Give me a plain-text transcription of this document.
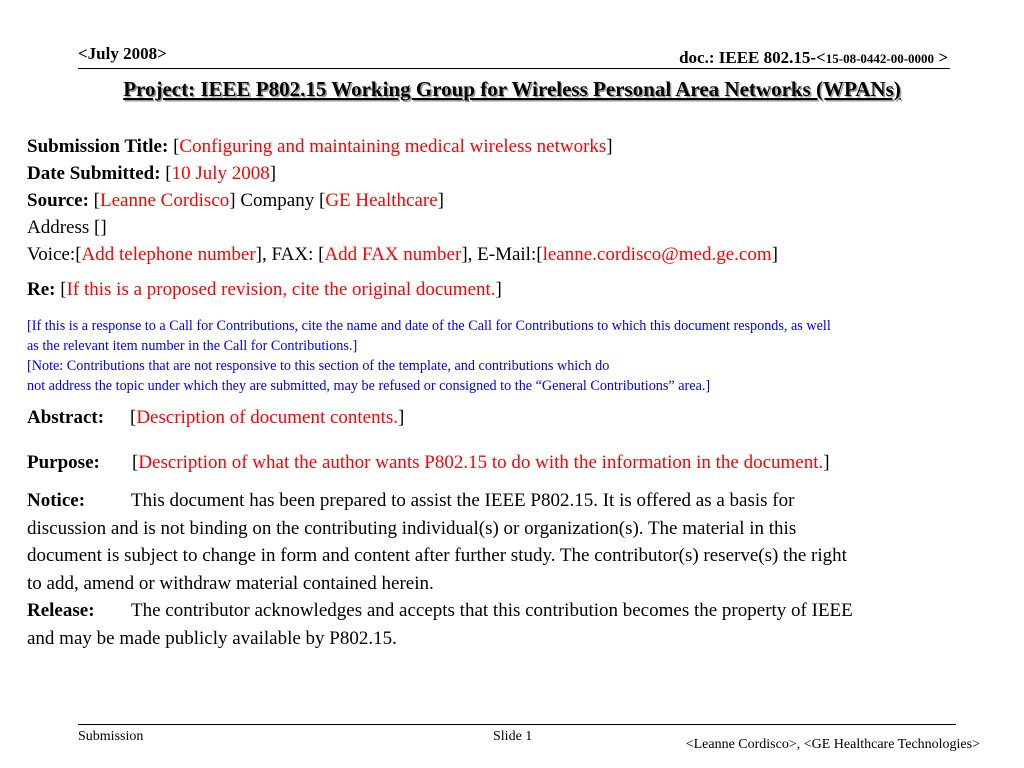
<July 2008>	doc.: IEEE 802.15-<15-08-0442-00-0000 >
Project: IEEE P802.15 Working Group for Wireless Personal Area Networks (WPANs)
Submission Title: [Configuring and maintaining medical wireless networks]
Date Submitted: [10 July 2008]
Source: [Leanne Cordisco] Company [GE Healthcare]
Address []
Voice:[Add telephone number], FAX: [Add FAX number], E-Mail:[leanne.cordisco@med.ge.com]
Re: [If this is a proposed revision, cite the original document.]
[If this is a response to a Call for Contributions, cite the name and date of the Call for Contributions to which this document responds, as well
as the relevant item number in the Call for Contributions.]
[Note: Contributions that are not responsive to this section of the template, and contributions which do
not address the topic under which they are submitted, may be refused or consigned to the “General Contributions” area.]
Abstract: [Description of document contents.]
Purpose: [Description of what the author wants P802.15 to do with the information in the document.]
Notice: This document has been prepared to assist the IEEE P802.15. It is offered as a basis for
discussion and is not binding on the contributing individual(s) or organization(s). The material in this
document is subject to change in form and content after further study. The contributor(s) reserve(s) the right
to add, amend or withdraw material contained herein.
Release: The contributor acknowledges and accepts that this contribution becomes the property of IEEE
and may be made publicly available by P802.15.
Submission	Slide 1
<Leanne Cordisco>, <GE Healthcare Technologies>
